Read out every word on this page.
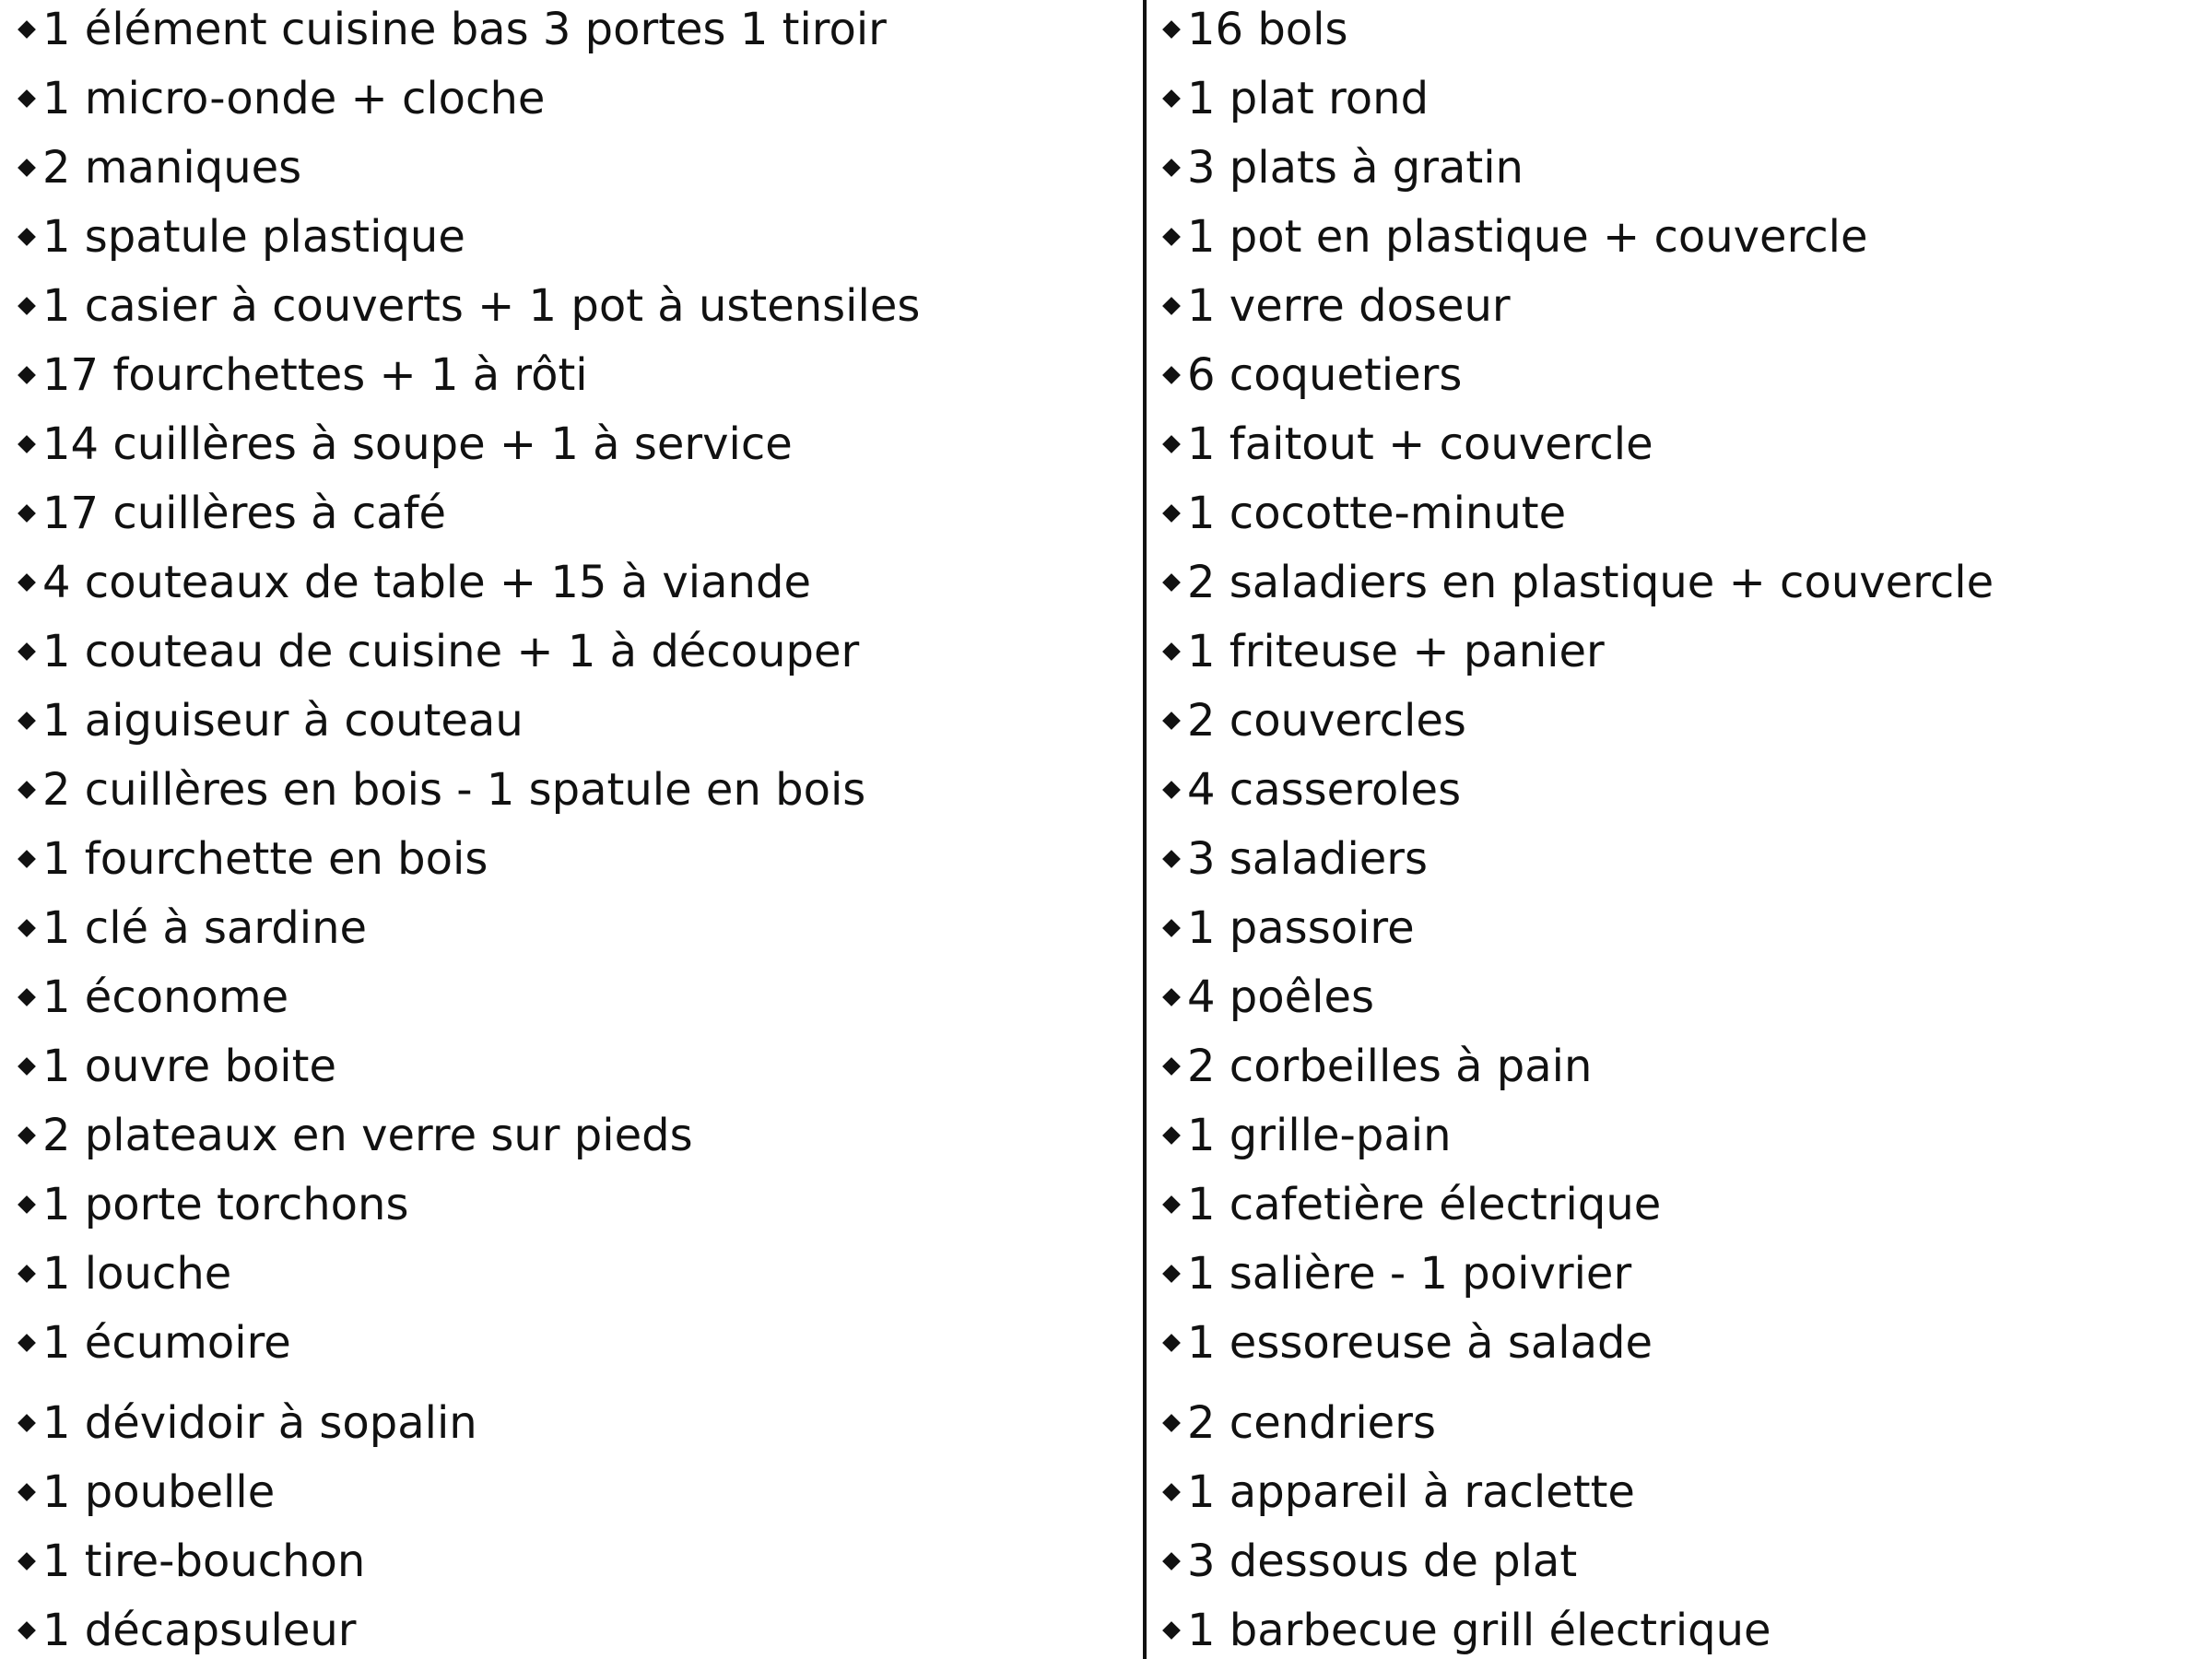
1 élément cuisine bas 3 portes 1 tiroir
1 micro-onde + cloche
2 maniques
1 spatule plastique
1 casier à couverts + 1 pot à ustensiles
17 fourchettes + 1 à rôti
14 cuillères à soupe + 1 à service
17 cuillères à café
4 couteaux de table + 15 à viande
1 couteau de cuisine + 1 à découper
1 aiguiseur à couteau
2 cuillères en bois - 1 spatule en bois
1 fourchette en bois
1 clé à sardine
1 économe
1 ouvre boite
2 plateaux en verre sur pieds
1 porte torchons
1 louche
1 écumoire
1 dévidoir à sopalin
1 poubelle
1 tire-bouchon
1 décapsuleur
16 bols
1 plat rond
3 plats à gratin
1 pot en plastique + couvercle
1 verre doseur
6 coquetiers
1 faitout + couvercle
1 cocotte-minute
2 saladiers en plastique + couvercle
1 friteuse + panier
2 couvercles
4 casseroles
3 saladiers
1 passoire
4 poêles
2 corbeilles à pain
1 grille-pain
1 cafetière électrique
1 salière - 1 poivrier
1 essoreuse à salade
2 cendriers
1 appareil à raclette
3 dessous de plat
1 barbecue grill électrique
